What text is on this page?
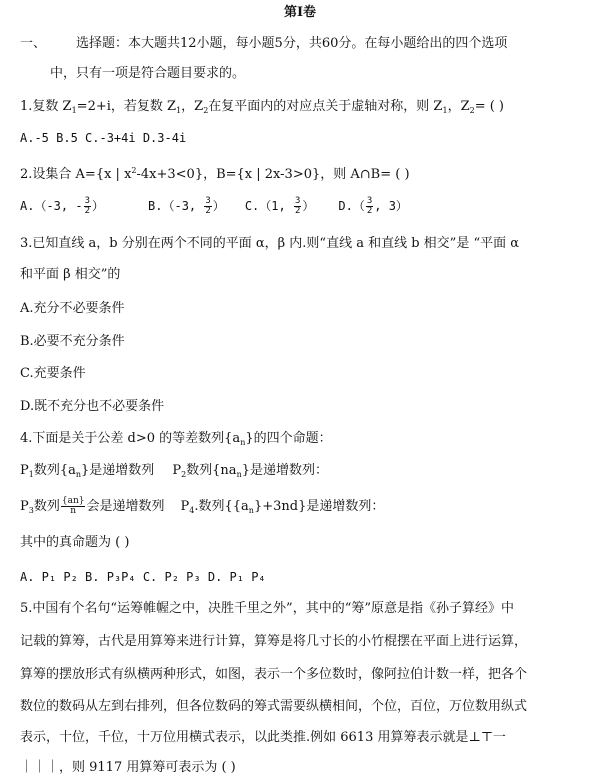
第Ⅰ卷
一、 选择题：本大题共12小题，每小题5分，共60分。在每小题给出的四个选项
中，只有一项是符合题目要求的。
1.复数 $Z_1=2+i$，若复数 $Z_1$，$Z_2$在复平面内的对应点关于虚轴对称，则 $Z_1$，$Z_2=$ ( )
A.-5 B.5 C.-3+4i D.3-4i
2.设集合 A={x | $x^2-4x+3<0$}，B={x | 2x-3>0}，则 A∩B= ( )
A.（-3, - $\frac{3}{2}$ ）	B.（-3, $\frac{3}{2}$ ） C.（1, $\frac{3}{2}$ ） $D.( \frac{3}{2}$ , 3）
3.已知直线 a，b 分别在两个不同的平面 α，β 内.则“直线 a 和直线 b 相交”是 “平面 α
和平面 β 相交”的
A.充分不必要条件
B.必要不充分条件
C.充要条件
D.既不充分也不必要条件
4.下面是关于公差 d>0 的等差数列$\{a_n\}$的四个命题：
$P_1$数列$\{a_n\}$是递增数列 $P_2$数列$\{na_n\}$是递增数列：
$P_3$数列 $\frac{\{an\}}{n}$ 会是递增数列 $P_4$.数列$\{\{a_n\}+3nd\}$是递增数列：
其中的真命题为 ( )
A. P₁ P₂ B. P₃P₄ C. P₂ P₃ D. P₁ P₄
5.中国有个名句“运筹帷幄之中，决胜千里之外”，其中的“筹”原意是指《孙子算经》中
记载的算筹，古代是用算筹来进行计算，算筹是将几寸长的小竹棍摆在平面上进行运算，
算筹的摆放形式有纵横两种形式，如图，表示一个多位数时，像阿拉伯计数一样，把各个
数位的数码从左到右排列，但各位数码的筹式需要纵横相间，个位，百位，万位数用纵式
表示，十位，千位，十万位用横式表示，以此类推.例如 6613 用算筹表示就是⊥⊤一
｜｜｜，则 9117 用算筹可表示为 ( )
